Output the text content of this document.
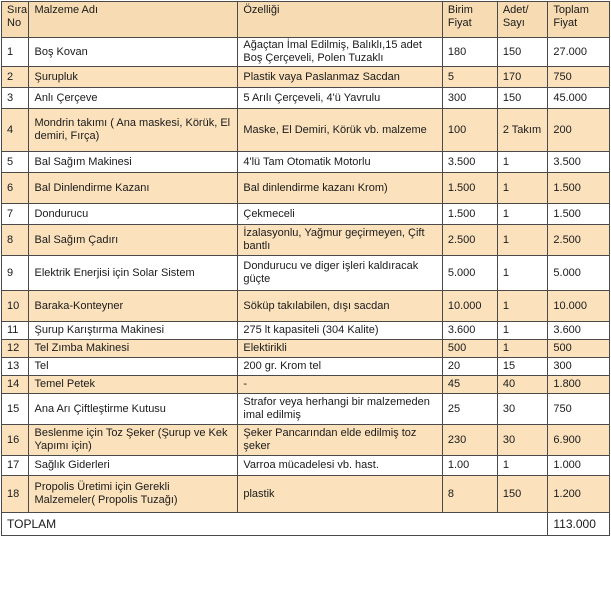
Sıra No	Malzeme Adı	Özelliği	Birim Fiyat	Adet/ Sayı	Toplam Fiyat
1	Boş Kovan	Ağaçtan İmal Edilmiş, Balıklı,15 adet Boş Çerçeveli, Polen Tuzaklı	180	150	27.000
2	Şurupluk	Plastik vaya Paslanmaz Sacdan	5	170	750
3	Anlı Çerçeve	5 Arılı Çerçeveli, 4'ü Yavrulu	300	150	45.000
4	Mondrin takımı ( Ana maskesi, Körük, El demiri, Fırça)	Maske, El Demiri, Körük vb. malzeme	100	2 Takım	200
5	Bal Sağım Makinesi	4'lü Tam Otomatik Motorlu	3.500	1	3.500
6	Bal Dinlendirme Kazanı	Bal dinlendirme kazanı Krom)	1.500	1	1.500
7	Dondurucu	Çekmeceli	1.500	1	1.500
8	Bal Sağım Çadırı	İzalasyonlu, Yağmur geçirmeyen, Çift bantlı	2.500	1	2.500
9	Elektrik Enerjisi için Solar Sistem	Dondurucu ve diger işleri kaldıracak güçte	5.000	1	5.000
10	Baraka-Konteyner	Söküp takılabilen, dışı sacdan	10.000	1	10.000
11	Şurup Karıştırma Makinesi	275 lt kapasiteli (304 Kalite)	3.600	1	3.600
12	Tel Zımba Makinesi	Elektirikli	500	1	500
13	Tel	200 gr. Krom tel	20	15	300
14	Temel Petek	-	45	40	1.800
15	Ana Arı Çiftleştirme Kutusu	Strafor veya herhangi bir malzemeden imal edilmiş	25	30	750
16	Beslenme için Toz Şeker (Şurup ve Kek Yapımı için)	Şeker Pancarından elde edilmiş toz şeker	230	30	6.900
17	Sağlık Giderleri	Varroa mücadelesi vb. hast.	1.00	1	1.000
18	Propolis Üretimi için Gerekli Malzemeler( Propolis Tuzağı)	plastik	8	150	1.200
TOPLAM					113.000
